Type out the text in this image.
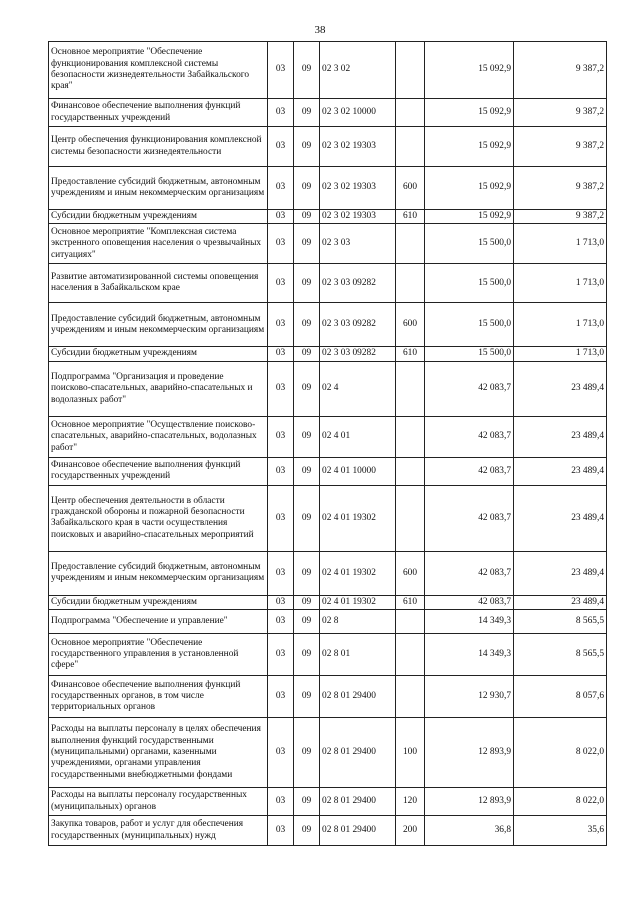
38
Основное мероприятие "Обеспечение функционирования комплексной системы безопасности жизнедеятельности Забайкальского края"	03	09	02 3 02		15 092,9	9 387,2
Финансовое обеспечение выполнения функций государственных учреждений	03	09	02 3 02 10000		15 092,9	9 387,2
Центр обеспечения функционирования комплексной системы безопасности жизнедеятельности	03	09	02 3 02 19303		15 092,9	9 387,2
Предоставление субсидий бюджетным, автономным учреждениям и иным некоммерческим организациям	03	09	02 3 02 19303	600	15 092,9	9 387,2
Субсидии бюджетным учреждениям	03	09	02 3 02 19303	610	15 092,9	9 387,2
Основное мероприятие "Комплексная система экстренного оповещения населения о чрезвычайных ситуациях"	03	09	02 3 03		15 500,0	1 713,0
Развитие автоматизированной системы оповещения населения в Забайкальском крае	03	09	02 3 03 09282		15 500,0	1 713,0
Предоставление субсидий бюджетным, автономным учреждениям и иным некоммерческим организациям	03	09	02 3 03 09282	600	15 500,0	1 713,0
Субсидии бюджетным учреждениям	03	09	02 3 03 09282	610	15 500,0	1 713,0
Подпрограмма "Организация и проведение поисково-спасательных, аварийно-спасательных и водолазных работ"	03	09	02 4		42 083,7	23 489,4
Основное мероприятие "Осуществление поисково-спасательных, аварийно-спасательных, водолазных работ"	03	09	02 4 01		42 083,7	23 489,4
Финансовое обеспечение выполнения функций государственных учреждений	03	09	02 4 01 10000		42 083,7	23 489,4
Центр обеспечения деятельности в области гражданской обороны и пожарной безопасности Забайкальского края в части осуществления поисковых и аварийно-спасательных мероприятий	03	09	02 4 01 19302		42 083,7	23 489,4
Предоставление субсидий бюджетным, автономным учреждениям и иным некоммерческим организациям	03	09	02 4 01 19302	600	42 083,7	23 489,4
Субсидии бюджетным учреждениям	03	09	02 4 01 19302	610	42 083,7	23 489,4
Подпрограмма "Обеспечение и управление"	03	09	02 8		14 349,3	8 565,5
Основное мероприятие "Обеспечение государственного управления в установленной сфере"	03	09	02 8 01		14 349,3	8 565,5
Финансовое обеспечение выполнения функций государственных органов, в том числе территориальных органов	03	09	02 8 01 29400		12 930,7	8 057,6
Расходы на выплаты персоналу в целях обеспечения выполнения функций государственными (муниципальными) органами, казенными учреждениями, органами управления государственными внебюджетными фондами	03	09	02 8 01 29400	100	12 893,9	8 022,0
Расходы на выплаты персоналу государственных (муниципальных) органов	03	09	02 8 01 29400	120	12 893,9	8 022,0
Закупка товаров, работ и услуг для обеспечения государственных (муниципальных) нужд	03	09	02 8 01 29400	200	36,8	35,6
